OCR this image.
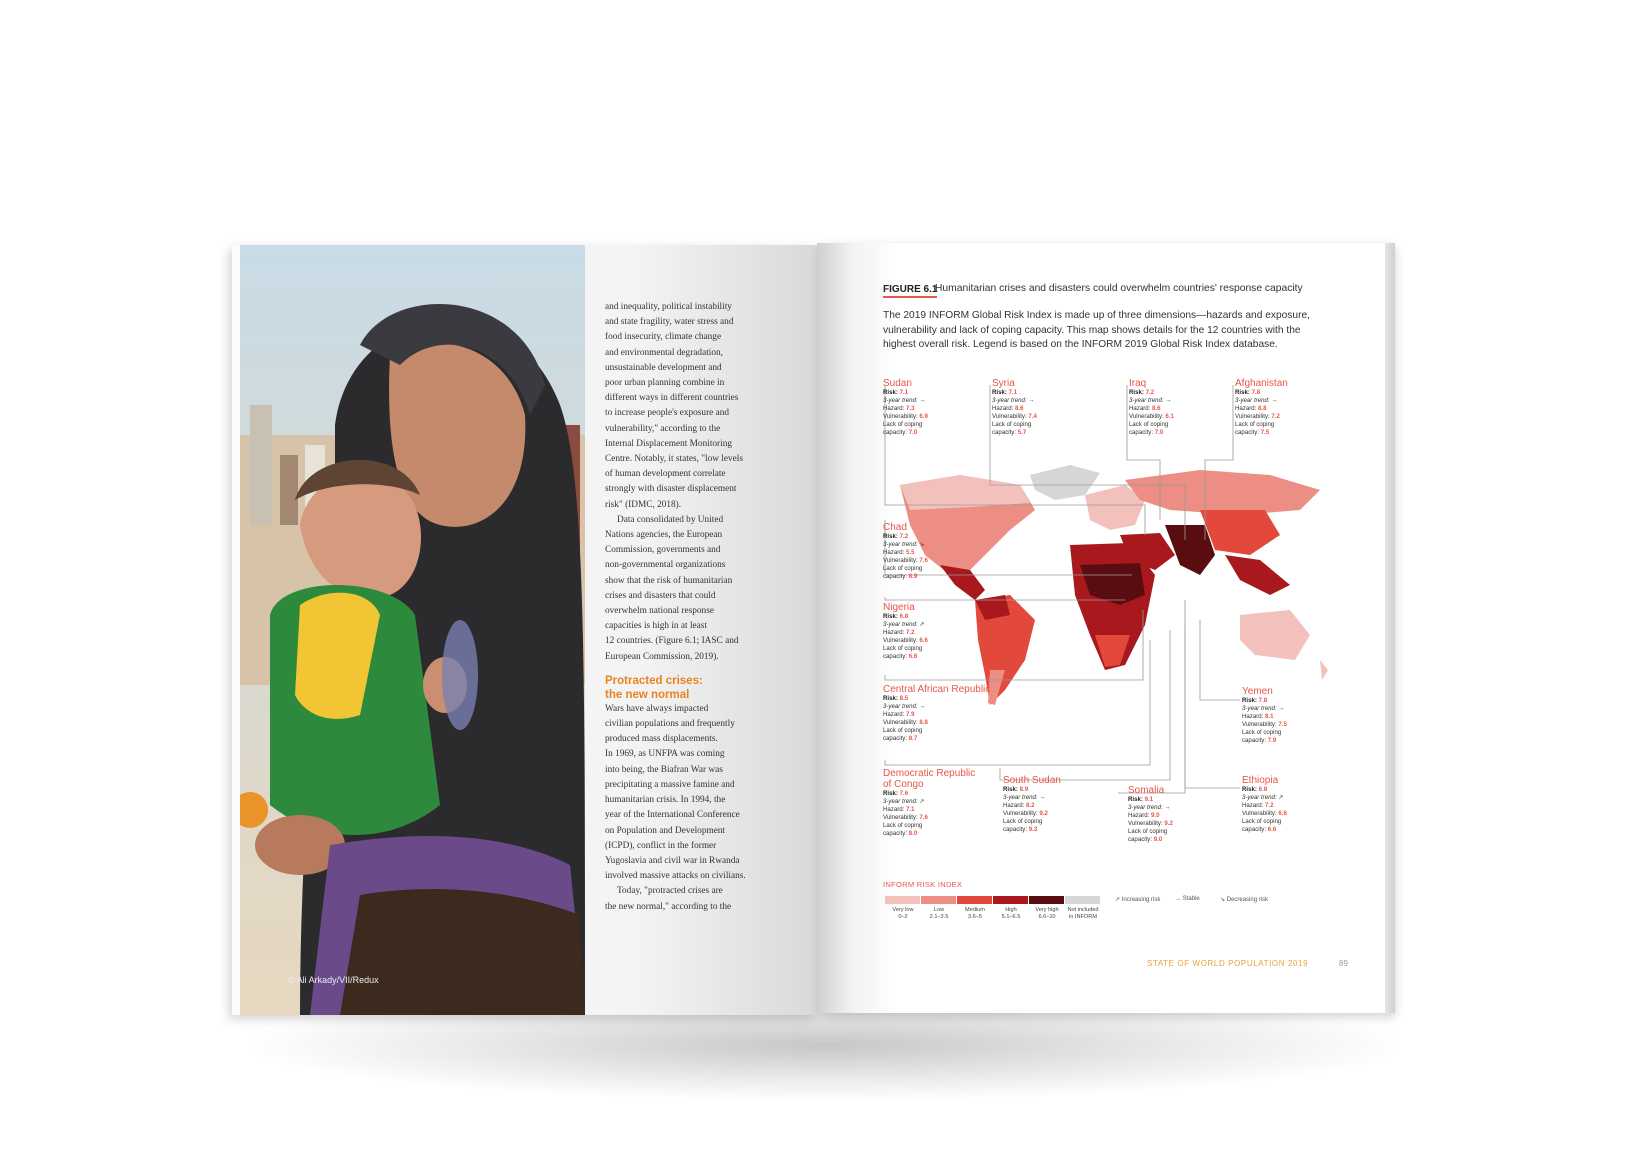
© Ali Arkady/VII/Redux
and inequality, political instability
and state fragility, water stress and
food insecurity, climate change
and environmental degradation,
unsustainable development and
poor urban planning combine in
different ways in different countries
to increase people's exposure and
vulnerability," according to the
Internal Displacement Monitoring
Centre. Notably, it states, "low levels
of human development correlate
strongly with disaster displacement
risk" (IDMC, 2018).
Data consolidated by United
Nations agencies, the European
Commission, governments and
non-governmental organizations
show that the risk of humanitarian
crises and disasters that could
overwhelm national response
capacities is high in at least
12 countries. (Figure 6.1; IASC and
European Commission, 2019).
Protracted crises:
the new normal
Wars have always impacted
civilian populations and frequently
produced mass displacements.
In 1969, as UNFPA was coming
into being, the Biafran War was
precipitating a massive famine and
humanitarian crisis. In 1994, the
year of the International Conference
on Population and Development
(ICPD), conflict in the former
Yugoslavia and civil war in Rwanda
involved massive attacks on civilians.
Today, "protracted crises are
the new normal," according to the
FIGURE 6.1
Humanitarian crises and disasters could overwhelm countries' response capacity
The 2019 INFORM Global Risk Index is made up of three dimensions—hazards and exposure,
vulnerability and lack of coping capacity. This map shows details for the 12 countries with the
highest overall risk. Legend is based on the INFORM 2019 Global Risk Index database.
Sudan
Risk: 7.1
3-year trend: →
Hazard: 7.3
Vulnerability: 6.9
Lack of coping
capacity: 7.0
Syria
Risk: 7.1
3-year trend: →
Hazard: 8.6
Vulnerability: 7.4
Lack of coping
capacity: 5.7
Iraq
Risk: 7.2
3-year trend: →
Hazard: 8.6
Vulnerability: 6.1
Lack of coping
capacity: 7.0
Afghanistan
Risk: 7.8
3-year trend: →
Hazard: 8.8
Vulnerability: 7.2
Lack of coping
capacity: 7.5
Chad
Risk: 7.2
3-year trend: ↘
Hazard: 5.5
Vulnerability: 7.6
Lack of coping
capacity: 8.9
Nigeria
Risk: 6.8
3-year trend: ↗
Hazard: 7.2
Vulnerability: 6.6
Lack of coping
capacity: 6.6
Central African Republic
Risk: 8.5
3-year trend: →
Hazard: 7.9
Vulnerability: 8.8
Lack of coping
capacity: 8.7
Yemen
Risk: 7.8
3-year trend: →
Hazard: 8.1
Vulnerability: 7.5
Lack of coping
capacity: 7.9
Democratic Republic
of Congo
Risk: 7.6
3-year trend: ↗
Hazard: 7.1
Vulnerability: 7.6
Lack of coping
capacity: 8.0
South Sudan
Risk: 8.9
3-year trend: →
Hazard: 8.2
Vulnerability: 9.2
Lack of coping
capacity: 9.3
Somalia
Risk: 9.1
3-year trend: →
Hazard: 9.0
Vulnerability: 9.2
Lack of coping
capacity: 9.0
Ethiopia
Risk: 6.8
3-year trend: ↗
Hazard: 7.2
Vulnerability: 6.6
Lack of coping
capacity: 6.6
INFORM RISK INDEX
Very low
0–2
Low
2.1–3.5
Medium
3.6–5
High
5.1–6.5
Very high
6.6–10
Not included
in INFORM
↗ Increasing risk → Stable	↘ Decreasing risk
STATE OF WORLD POPULATION 2019	89
